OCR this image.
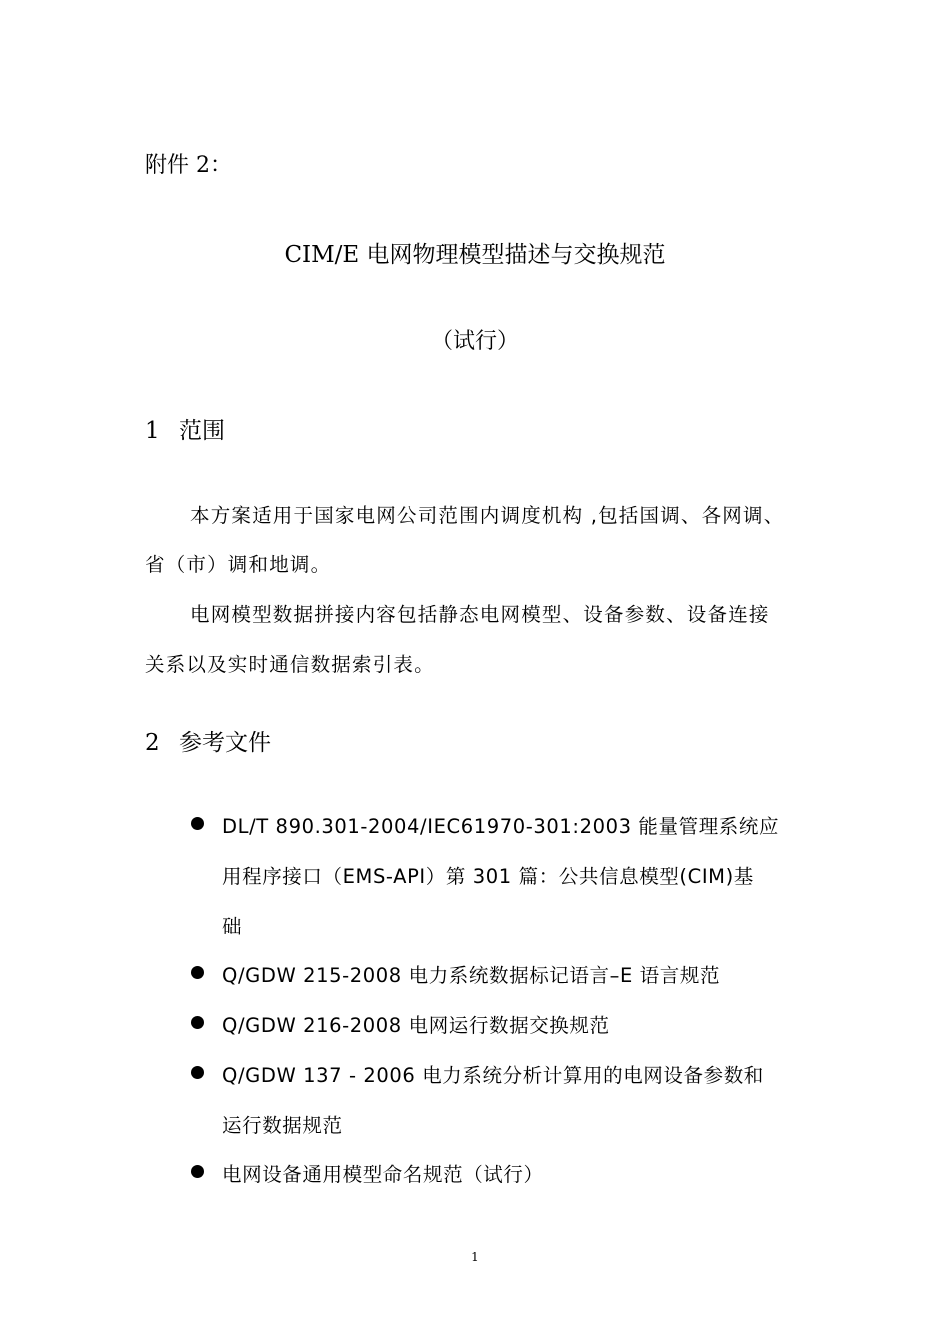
附件 2：
CIM/E 电网物理模型描述与交换规范
（试行）
1 范围
本方案适用于国家电网公司范围内调度机构 ,包括国调、各网调、
省（市）调和地调。
电网模型数据拼接内容包括静态电网模型、设备参数、设备连接
关系以及实时通信数据索引表。
2 参考文件
DL/T 890.301-2004/IEC61970-301:2003 能量管理系统应
用程序接口（EMS-API）第 301 篇：公共信息模型(CIM)基
础
Q/GDW 215-2008 电力系统数据标记语言–E 语言规范
Q/GDW 216-2008 电网运行数据交换规范
Q/GDW 137 - 2006 电力系统分析计算用的电网设备参数和
运行数据规范
电网设备通用模型命名规范（试行）
1
